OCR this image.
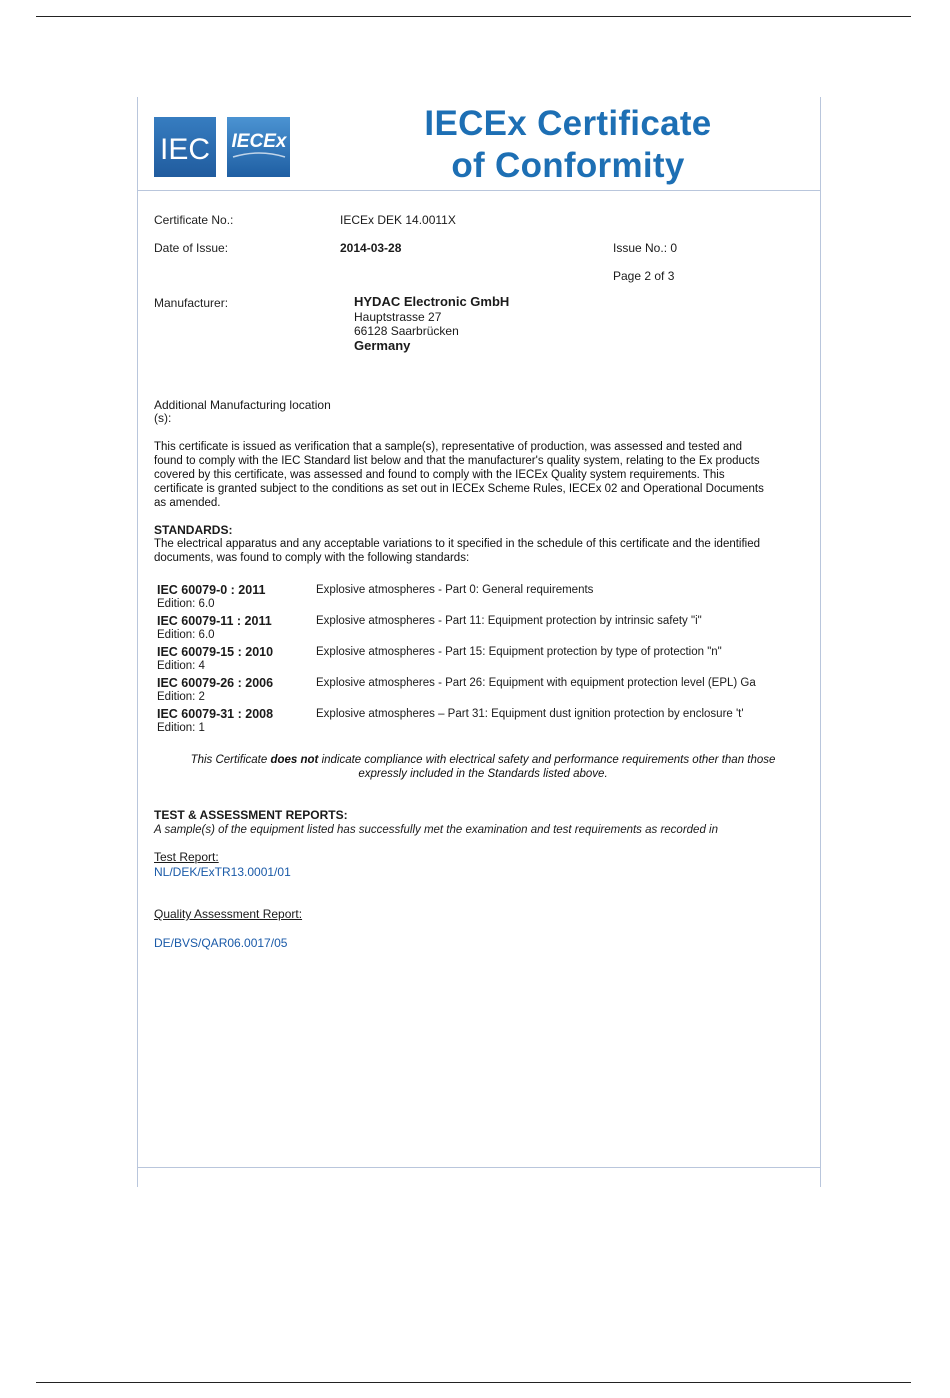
IEC IECEx	IECEx Certificate
of Conformity
Certificate No.:	IECEx DEK 14.0011X
Date of Issue:	2014-03-28	Issue No.: 0
Page 2 of 3
Manufacturer:	HYDAC Electronic GmbH
Hauptstrasse 27
66128 Saarbrücken
Germany
Additional Manufacturing location
(s):
This certificate is issued as verification that a sample(s), representative of production, was assessed and tested and
found to comply with the IEC Standard list below and that the manufacturer's quality system, relating to the Ex products
covered by this certificate, was assessed and found to comply with the IECEx Quality system requirements. This
certificate is granted subject to the conditions as set out in IECEx Scheme Rules, IECEx 02 and Operational Documents
as amended.
STANDARDS:
The electrical apparatus and any acceptable variations to it specified in the schedule of this certificate and the identified
documents, was found to comply with the following standards:
IEC 60079-0 : 2011
Edition: 6.0
Explosive atmospheres - Part 0: General requirements
IEC 60079-11 : 2011
Edition: 6.0
Explosive atmospheres - Part 11: Equipment protection by intrinsic safety "i"
IEC 60079-15 : 2010
Edition: 4
Explosive atmospheres - Part 15: Equipment protection by type of protection "n"
IEC 60079-26 : 2006
Edition: 2
Explosive atmospheres - Part 26: Equipment with equipment protection level (EPL) Ga
IEC 60079-31 : 2008
Edition: 1
Explosive atmospheres – Part 31: Equipment dust ignition protection by enclosure 't'
This Certificate does not indicate compliance with electrical safety and performance requirements other than those
expressly included in the Standards listed above.
TEST & ASSESSMENT REPORTS:
A sample(s) of the equipment listed has successfully met the examination and test requirements as recorded in
Test Report:
NL/DEK/ExTR13.0001/01
Quality Assessment Report:
DE/BVS/QAR06.0017/05
